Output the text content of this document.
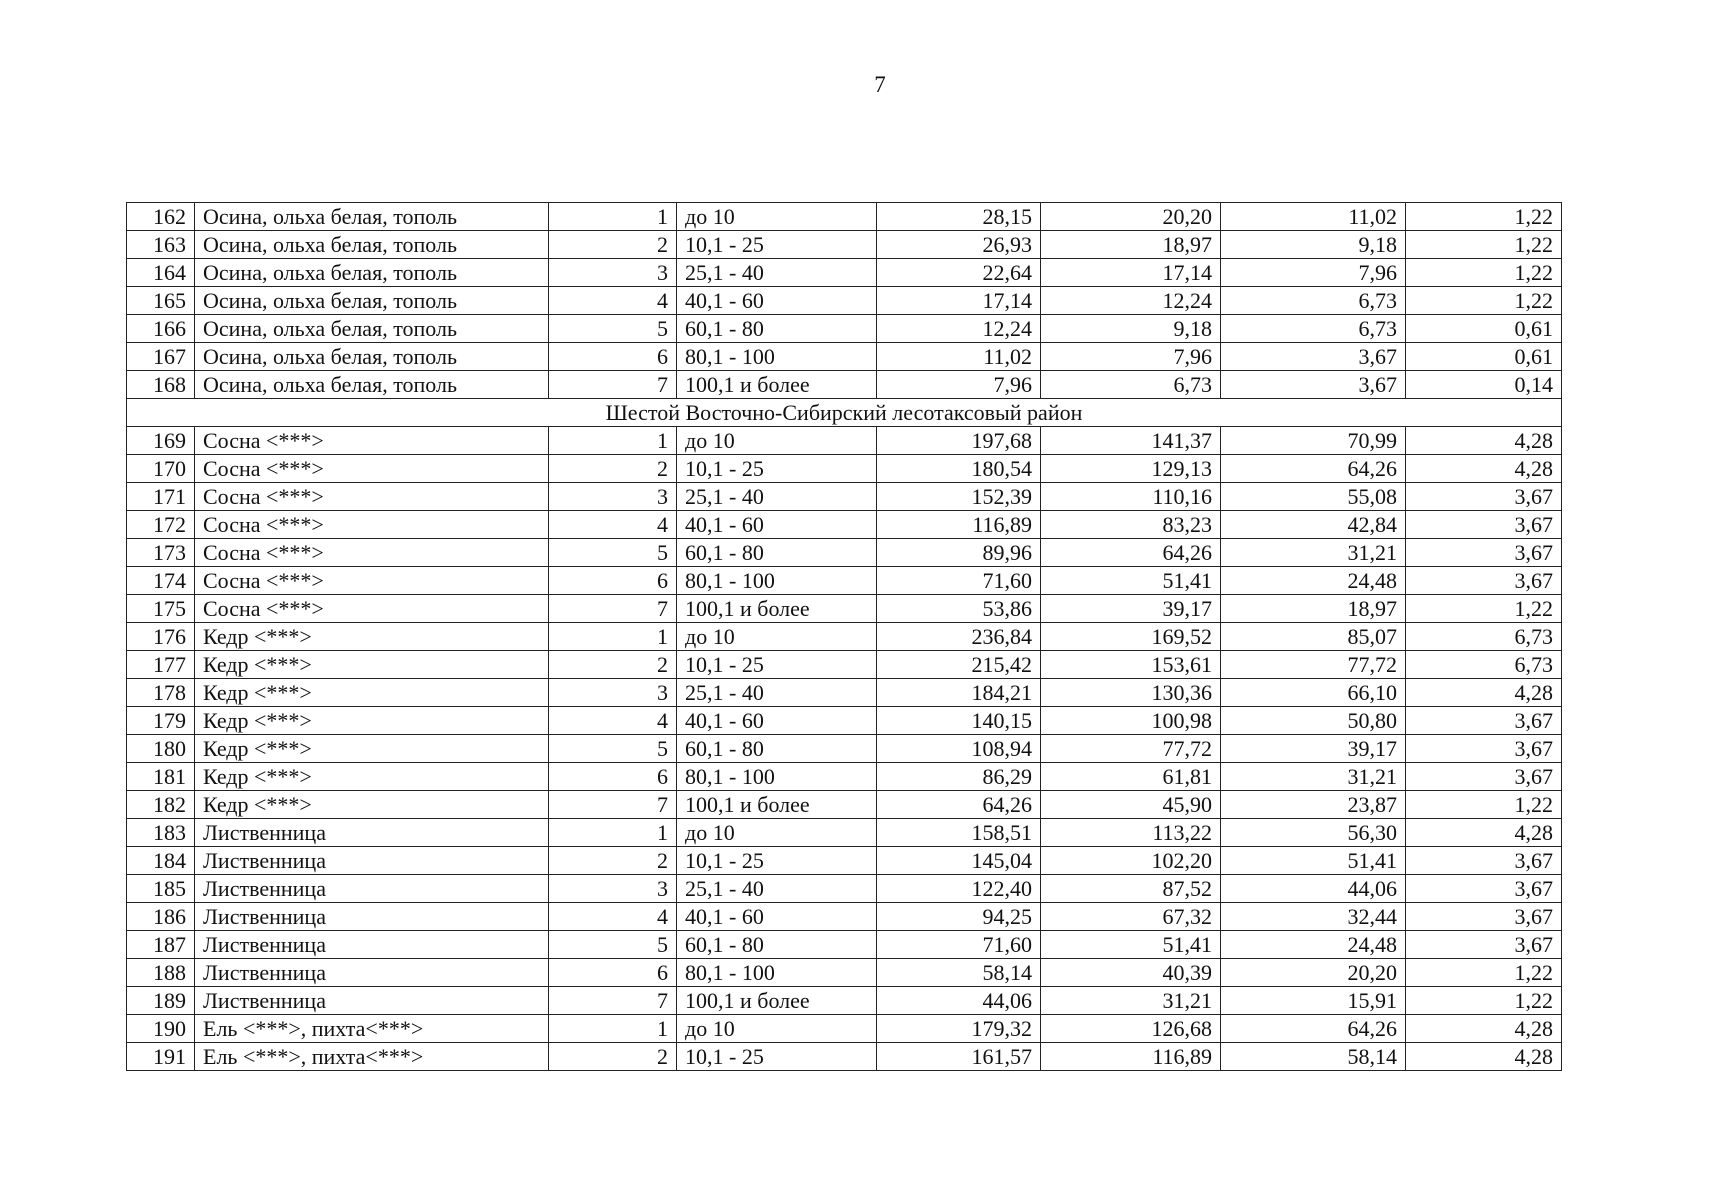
7
162	Осина, ольха белая, тополь	1	до 10	28,15	20,20	11,02	1,22
163	Осина, ольха белая, тополь	2	10,1 - 25	26,93	18,97	9,18	1,22
164	Осина, ольха белая, тополь	3	25,1 - 40	22,64	17,14	7,96	1,22
165	Осина, ольха белая, тополь	4	40,1 - 60	17,14	12,24	6,73	1,22
166	Осина, ольха белая, тополь	5	60,1 - 80	12,24	9,18	6,73	0,61
167	Осина, ольха белая, тополь	6	80,1 - 100	11,02	7,96	3,67	0,61
168	Осина, ольха белая, тополь	7	100,1 и более	7,96	6,73	3,67	0,14
Шестой Восточно-Сибирский лесотаксовый район							
169	Сосна <***>	1	до 10	197,68	141,37	70,99	4,28
170	Сосна <***>	2	10,1 - 25	180,54	129,13	64,26	4,28
171	Сосна <***>	3	25,1 - 40	152,39	110,16	55,08	3,67
172	Сосна <***>	4	40,1 - 60	116,89	83,23	42,84	3,67
173	Сосна <***>	5	60,1 - 80	89,96	64,26	31,21	3,67
174	Сосна <***>	6	80,1 - 100	71,60	51,41	24,48	3,67
175	Сосна <***>	7	100,1 и более	53,86	39,17	18,97	1,22
176	Кедр <***>	1	до 10	236,84	169,52	85,07	6,73
177	Кедр <***>	2	10,1 - 25	215,42	153,61	77,72	6,73
178	Кедр <***>	3	25,1 - 40	184,21	130,36	66,10	4,28
179	Кедр <***>	4	40,1 - 60	140,15	100,98	50,80	3,67
180	Кедр <***>	5	60,1 - 80	108,94	77,72	39,17	3,67
181	Кедр <***>	6	80,1 - 100	86,29	61,81	31,21	3,67
182	Кедр <***>	7	100,1 и более	64,26	45,90	23,87	1,22
183	Лиственница	1	до 10	158,51	113,22	56,30	4,28
184	Лиственница	2	10,1 - 25	145,04	102,20	51,41	3,67
185	Лиственница	3	25,1 - 40	122,40	87,52	44,06	3,67
186	Лиственница	4	40,1 - 60	94,25	67,32	32,44	3,67
187	Лиственница	5	60,1 - 80	71,60	51,41	24,48	3,67
188	Лиственница	6	80,1 - 100	58,14	40,39	20,20	1,22
189	Лиственница	7	100,1 и более	44,06	31,21	15,91	1,22
190	Ель <***>, пихта<***>	1	до 10	179,32	126,68	64,26	4,28
191	Ель <***>, пихта<***>	2	10,1 - 25	161,57	116,89	58,14	4,28
